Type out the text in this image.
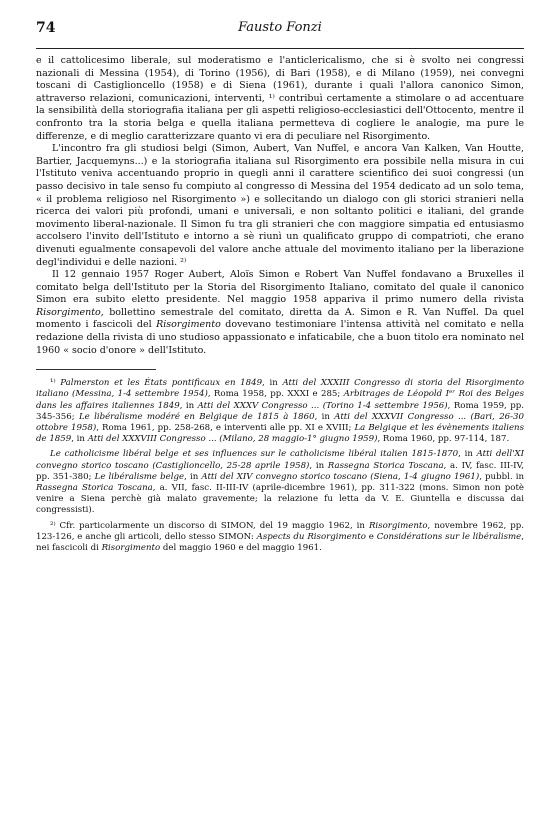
74	Fausto Fonzi

e il cattolicesimo liberale, sul moderatismo e l'anticlericalismo, che si è svolto nei congressi nazionali di Messina (1954), di Torino (1956), di Bari (1958), e di Milano (1959), nei convegni toscani di Castiglioncello (1958) e di Siena (1961), durante i quali l'allora canonico Simon, attraverso relazioni, comunicazioni, interventi, ¹⁾ contribuì certamente a stimolare o ad accentuare la sensibilità della storiografia italiana per gli aspetti religioso-ecclesiastici dell'Ottocento, mentre il confronto tra la storia belga e quella italiana permetteva di cogliere le analogie, ma pure le differenze, e di meglio caratterizzare quanto vi era di peculiare nel Risorgimento.

L'incontro fra gli studiosi belgi (Simon, Aubert, Van Nuffel, e ancora Van Kalken, Van Houtte, Bartier, Jacquemyns...) e la storiografia italiana sul Risorgimento era possibile nella misura in cui l'Istituto veniva accentuando proprio in quegli anni il carattere scientifico dei suoi congressi (un passo decisivo in tale senso fu compiuto al congresso di Messina del 1954 dedicato ad un solo tema, « il problema religioso nel Risorgimento ») e sollecitando un dialogo con gli storici stranieri nella ricerca dei valori più profondi, umani e universali, e non soltanto politici e italiani, del grande movimento liberal-nazionale. Il Simon fu tra gli stranieri che con maggiore simpatia ed entusiasmo accolsero l'invito dell'Istituto e intorno a sè riunì un qualificato gruppo di compatrioti, che erano divenuti egualmente consapevoli del valore anche attuale del movimento italiano per la liberazione degl'individui e delle nazioni. ²⁾

Il 12 gennaio 1957 Roger Aubert, Aloïs Simon e Robert Van Nuffel fondavano a Bruxelles il comitato belga dell'Istituto per la Storia del Risorgimento Italiano, comitato del quale il canonico Simon era subito eletto presidente. Nel maggio 1958 appariva il primo numero della rivista Risorgimento, bollettino semestrale del comitato, diretta da A. Simon e R. Van Nuffel. Da quel momento i fascicoli del Risorgimento dovevano testimoniare l'intensa attività nel comitato e nella redazione della rivista di uno studioso appassionato e infaticabile, che a buon titolo era nominato nel 1960 « socio d'onore » dell'Istituto.

¹⁾ Palmerston et les États pontificaux en 1849, in Atti del XXXIII Congresso di storia del Risorgimento italiano (Messina, 1-4 settembre 1954), Roma 1958, pp. XXXI e 285; Arbitrages de Léopold Iᵉʳ Roi des Belges dans les affaires italiennes 1849, in Atti del XXXV Congresso ... (Torino 1-4 settembre 1956), Roma 1959, pp. 345-356; Le libéralisme modéré en Belgique de 1815 à 1860, in Atti del XXXVII Congresso ... (Bari, 26-30 ottobre 1958), Roma 1961, pp. 258-268, e interventi alle pp. XI e XVIII; La Belgique et les évènements italiens de 1859, in Atti del XXXVIII Congresso ... (Milano, 28 maggio-1° giugno 1959), Roma 1960, pp. 97-114, 187.

Le catholicisme libéral belge et ses influences sur le catholicisme libéral italien 1815-1870, in Atti dell'XI convegno storico toscano (Castiglioncello, 25-28 aprile 1958), in Rassegna Storica Toscana, a. IV, fasc. III-IV, pp. 351-380; Le libéralisme belge, in Atti del XIV convegno storico toscano (Siena, 1-4 giugno 1961), pubbl. in Rassegna Storica Toscana, a. VII, fasc. II-III-IV (aprile-dicembre 1961), pp. 311-322 (mons. Simon non potè venire a Siena perchè già malato gravemente; la relazione fu letta da V. E. Giuntella e discussa dai congressisti).

²⁾ Cfr. particolarmente un discorso di SIMON, del 19 maggio 1962, in Risorgimento, novembre 1962, pp. 123-126, e anche gli articoli, dello stesso SIMON: Aspects du Risorgimento e Considérations sur le libéralisme, nei fascicoli di Risorgimento del maggio 1960 e del maggio 1961.
